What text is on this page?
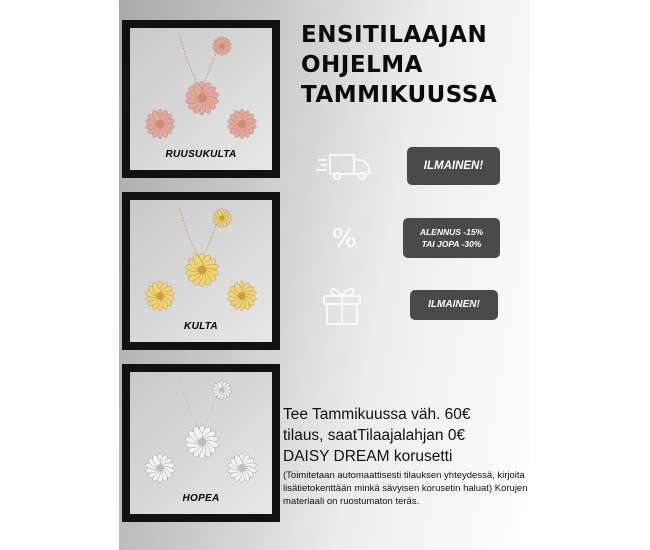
RUUSUKULTA
KULTA
HOPEA
ENSITILAAJAN
OHJELMA
TAMMIKUUSSA
%
ILMAINEN!
ALENNUS -15%
TAI JOPA -30%
ILMAINEN!
Tee Tammikuussa väh. 60€
tilaus, saatTilaajalahjan 0€
DAISY DREAM korusetti
(Toimitetaan automaattisesti tilauksen yhteydessä, kirjoita lisätietokenttään minkä sävyisen korusetin haluat) Korujen materiaali on ruostumaton teräs.
